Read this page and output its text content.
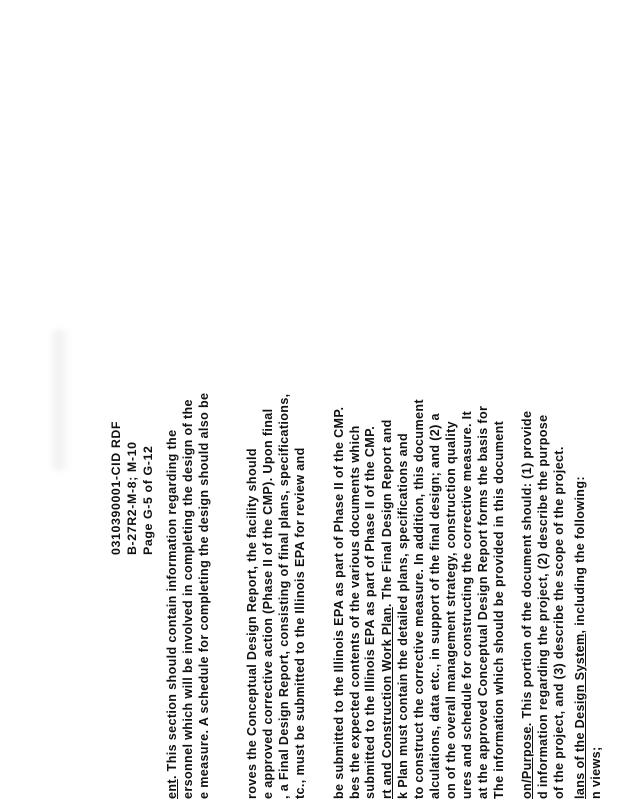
0310390001-CID RDF B-27R2-M-8; M-10 Page G-5 of G-12
ent. This section should contain information regarding the ersonnel which will be involved in completing the design of the e measure. A schedule for completing the design should also be	roves the Conceptual Design Report, the facility should e approved corrective action (Phase II of the CMP). Upon final , a Final Design Report, consisting of final plans, specifications, tc., must be submitted to the Illinois EPA for review and be submitted to the Illinois EPA as part of Phase II of the CMP. bes the expected contents of the various documents which submitted to the Illinois EPA as part of Phase II of the CMP. rt and Construction Work Plan. The Final Design Report and k Plan must contain the detailed plans, specifications and to construct the corrective measure. In addition, this document alculations, data etc., in support of the final design; and (2) a on of the overall management strategy, construction quality ures and schedule for constructing the corrective measure. It at the approved Conceptual Design Report forms the basis for The information which should be provided in this document on/Purpose. This portion of the document should: (1) provide d information regarding the project, (2) describe the purpose of the project, and (3) describe the scope of the project. lans of the Design System, including the following:
n views;
